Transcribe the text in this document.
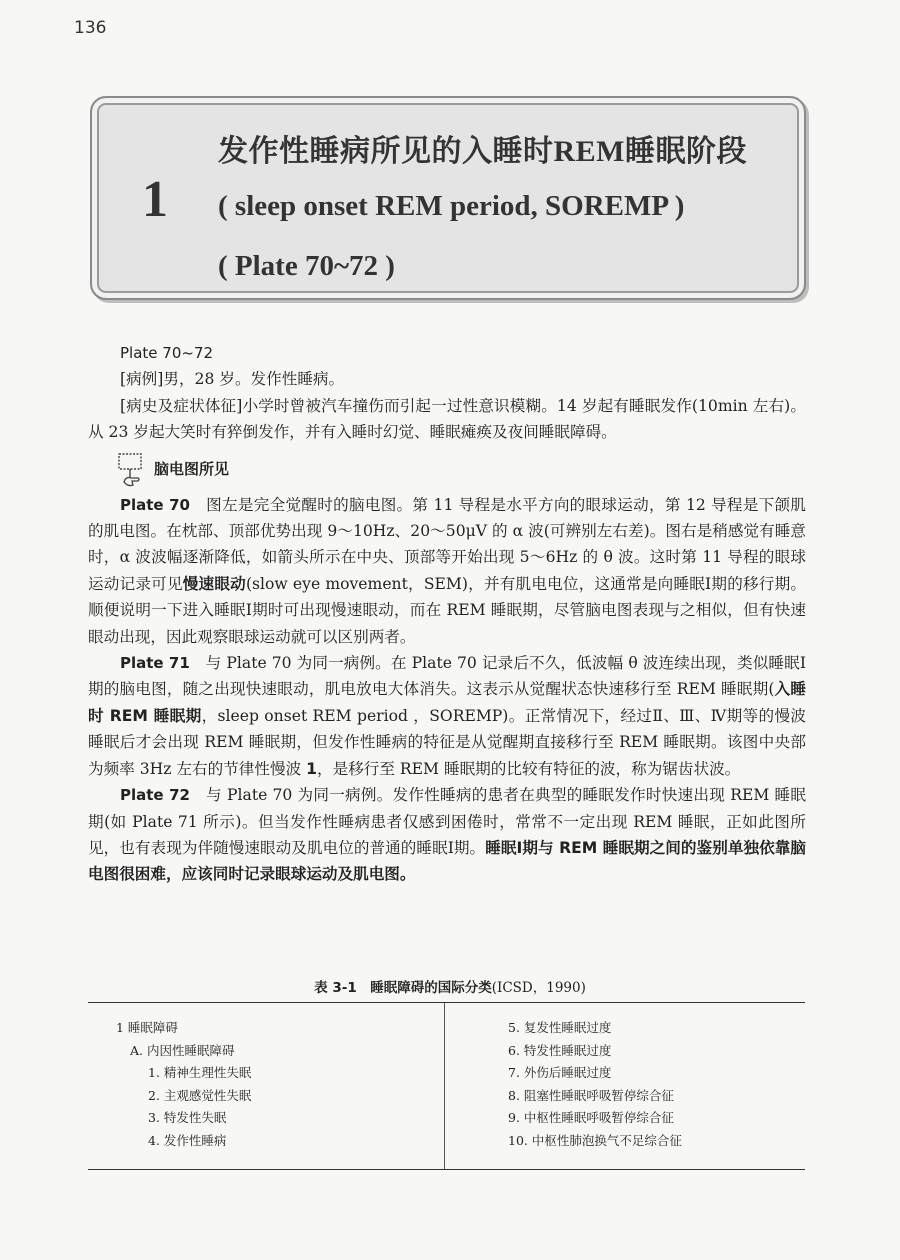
136
1
发作性睡病所见的入睡时REM睡眠阶段
( sleep onset REM period, SOREMP )
( Plate 70~72 )

Plate 70~72

[病例]男，28 岁。发作性睡病。

[病史及症状体征]小学时曾被汽车撞伤而引起一过性意识模糊。14 岁起有睡眠发作(10min 左右)。从 23 岁起大笑时有猝倒发作，并有入睡时幻觉、睡眠瘫痪及夜间睡眠障碍。

脑电图所见

Plate 70　 图左是完全觉醒时的脑电图。第 11 导程是水平方向的眼球运动，第 12 导程是下颌肌的肌电图。在枕部、顶部优势出现 9～10Hz、20～50μV 的 α 波(可辨别左右差)。图右是稍感觉有睡意时，α 波波幅逐渐降低，如箭头所示在中央、顶部等开始出现 5～6Hz 的 θ 波。这时第 11 导程的眼球运动记录可见慢速眼动(slow eye movement，SEM)，并有肌电电位，这通常是向睡眠Ⅰ期的移行期。顺便说明一下进入睡眠Ⅰ期时可出现慢速眼动，而在 REM 睡眠期，尽管脑电图表现与之相似，但有快速眼动出现，因此观察眼球运动就可以区别两者。

Plate 71　 与 Plate 70 为同一病例。在 Plate 70 记录后不久，低波幅 θ 波连续出现，类似睡眠Ⅰ期的脑电图，随之出现快速眼动，肌电放电大体消失。这表示从觉醒状态快速移行至 REM 睡眠期(入睡时 REM 睡眠期，sleep onset REM period ，SOREMP)。正常情况下，经过Ⅱ、Ⅲ、Ⅳ期等的慢波睡眠后才会出现 REM 睡眠期，但发作性睡病的特征是从觉醒期直接移行至 REM 睡眠期。该图中央部为频率 3Hz 左右的节律性慢波 1，是移行至 REM 睡眠期的比较有特征的波，称为锯齿状波。

Plate 72　 与 Plate 70 为同一病例。发作性睡病的患者在典型的睡眠发作时快速出现 REM 睡眠期(如 Plate 71 所示)。但当发作性睡病患者仅感到困倦时，常常不一定出现 REM 睡眠，正如此图所见，也有表现为伴随慢速眼动及肌电位的普通的睡眠Ⅰ期。睡眠Ⅰ期与 REM 睡眠期之间的鉴别单独依靠脑电图很困难，应该同时记录眼球运动及肌电图。

表 3-1　睡眠障碍的国际分类(ICSD，1990)
1 睡眠障碍
A. 内因性睡眠障碍
1. 精神生理性失眠
2. 主观感觉性失眠
3. 特发性失眠
4. 发作性睡病
5. 复发性睡眠过度
6. 特发性睡眠过度
7. 外伤后睡眠过度
8. 阻塞性睡眠呼吸暂停综合征
9. 中枢性睡眠呼吸暂停综合征
10. 中枢性肺泡换气不足综合征
